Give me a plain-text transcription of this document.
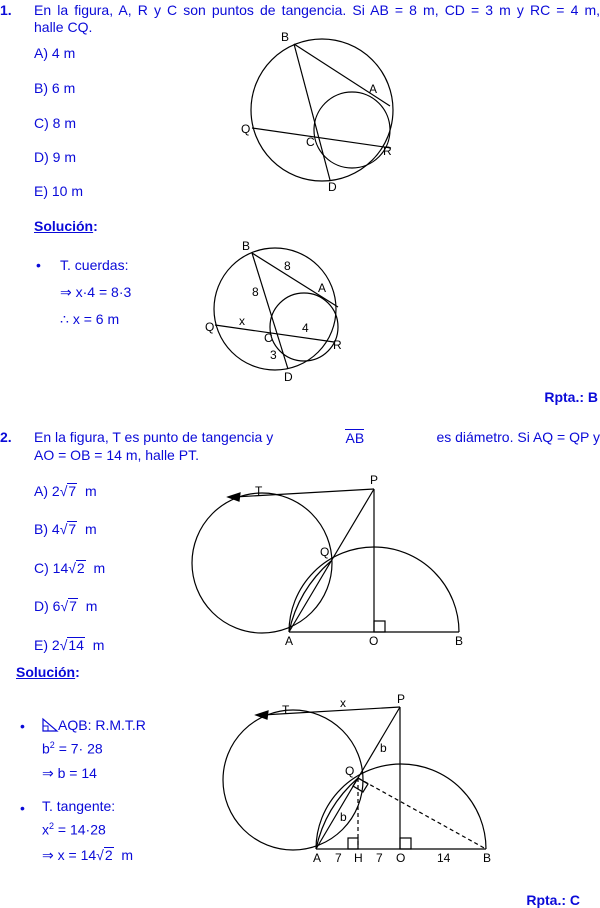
1. En la figura, A, R y C son puntos de tangencia. Si AB = 8 m, CD = 3 m y RC = 4 m,
halle CQ.
A) 4 m
B) 6 m
C) 8 m
D) 9 m
E) 10 m
B
A
Q
C
R
D
Solución:
• T. cuerdas:
⇒ x·4 = 8·3
∴ x = 6 m
B
8
8	A
x	4
Q
C	R
3
D
Rpta.: B
2. En la figura, T es punto de tangencia y	AB	es diámetro. Si AQ = QP y
AO = OB = 14 m, halle PT.
A) 2√7 m
B) 4√7 m
C) 14√2 m
D) 6√7 m
E) 2√14 m
T
P
Q
A	O	B
Solución:
•	AQB: R.M.T.R
$b^2 = 7\cdot 28$
⇒ b = 14
• T. tangente:
$x^2 = 14\cdot 28$
⇒ x = 14√2 m
T	x	P
b
Q
b
A 7 H 7 O	14	B
Rpta.: C
